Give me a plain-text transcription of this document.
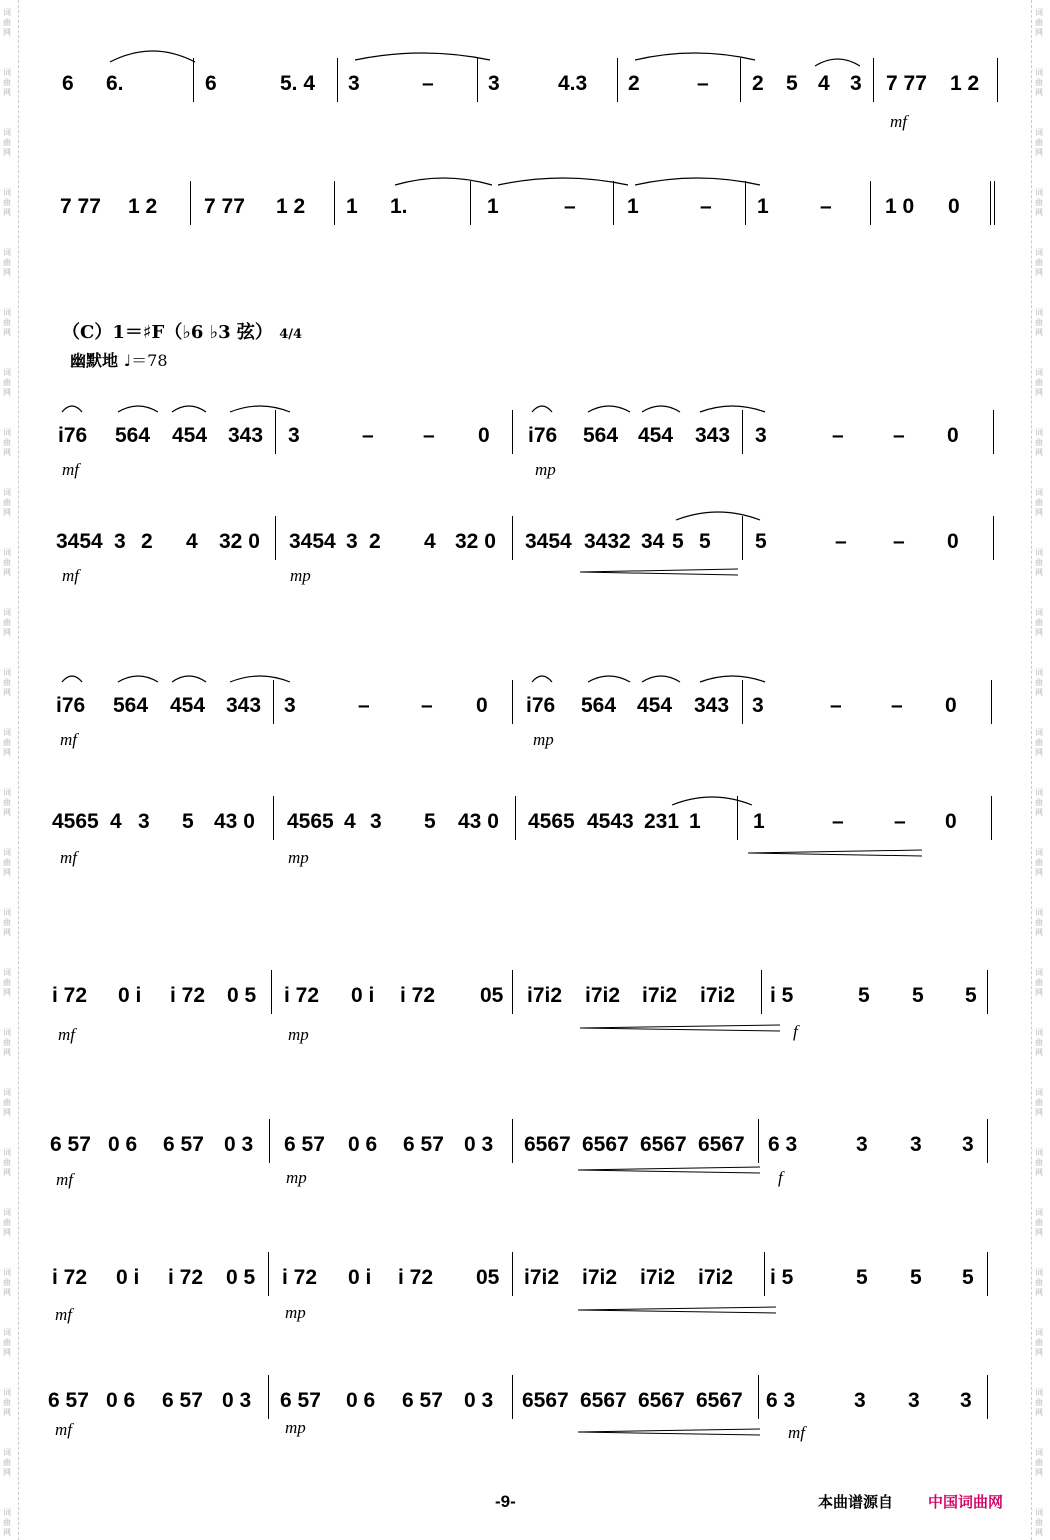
词曲网
词曲网
词曲网
词曲网
词曲网
词曲网
词曲网
词曲网
词曲网
词曲网
词曲网
词曲网
词曲网
词曲网
词曲网
词曲网
词曲网
词曲网
词曲网
词曲网
词曲网
词曲网
词曲网
词曲网
词曲网
词曲网
词曲网
词曲网
词曲网
词曲网
词曲网
词曲网
词曲网
词曲网
词曲网
词曲网
词曲网
词曲网
词曲网
词曲网
词曲网
词曲网
词曲网
词曲网
词曲网
词曲网
词曲网
词曲网
词曲网
词曲网
词曲网
词曲网
6 6.	6	5. 4 3	–	3	4.3 2	– 2 5 4 3 7 77 1 2
mf
7 77 1 2 7 77 1 2 1 1.	1	– 1	– 1 –	1 0 0
i76 564 454 343 3	– – 0 i76 564 454 343 3	– – 0
mf	mp
3454 3 2 4 32 0 3454 3 2 4 32 0 3454 3432 34 5 5 5	– – 0
mf	mp
i76 564 454 343 3	– – 0 i76 564 454 343 3	– – 0
mf	mp
4565 4 3 5 43 0 4565 4 3 5 43 0 4565 4543 231 1 1	– – 0
mf	mp
i 72 0 i i 72 0 5 i 72 0 i i 72 05 i7i2 i7i2 i7i2 i7i2 i 5	5 5 5
mf	mp	f
6 57 0 6 6 57 0 3 6 57 0 6 6 57 0 3 6567 6567 6567 6567 6 3	3 3 3
mf	mp	f
i 72 0 i i 72 0 5 i 72 0 i i 72 05 i7i2 i7i2 i7i2 i7i2 i 5	5 5 5
mf	mp
6 57 0 6 6 57 0 3 6 57 0 6 6 57 0 3 6567 6567 6567 6567 6 3	3 3 3
mf	mp	mf
（C）1＝♯F（♭6 ♭3 弦） 4/4
幽默地 ♩＝78
-9-	本曲谱源自 中国词曲网
